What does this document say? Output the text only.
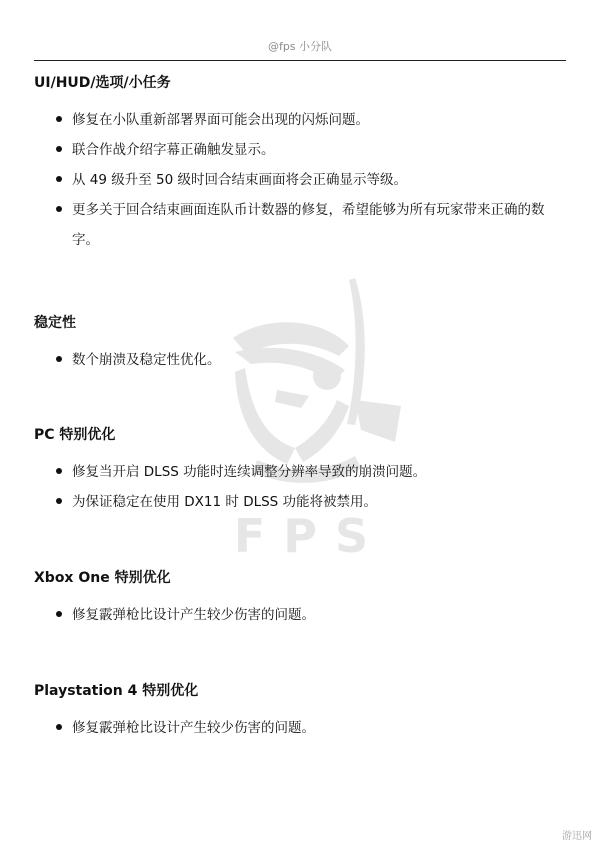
@fps 小分队
FPS
UI/HUD/选项/小任务
修复在小队重新部署界面可能会出现的闪烁问题。
联合作战介绍字幕正确触发显示。
从 49 级升至 50 级时回合结束画面将会正确显示等级。
更多关于回合结束画面连队币计数器的修复，希望能够为所有玩家带来正确的数字。
稳定性
数个崩溃及稳定性优化。
PC 特别优化
修复当开启 DLSS 功能时连续调整分辨率导致的崩溃问题。
为保证稳定在使用 DX11 时 DLSS 功能将被禁用。
Xbox One 特别优化
修复霰弹枪比设计产生较少伤害的问题。
Playstation 4 特别优化
修复霰弹枪比设计产生较少伤害的问题。
游迅网
